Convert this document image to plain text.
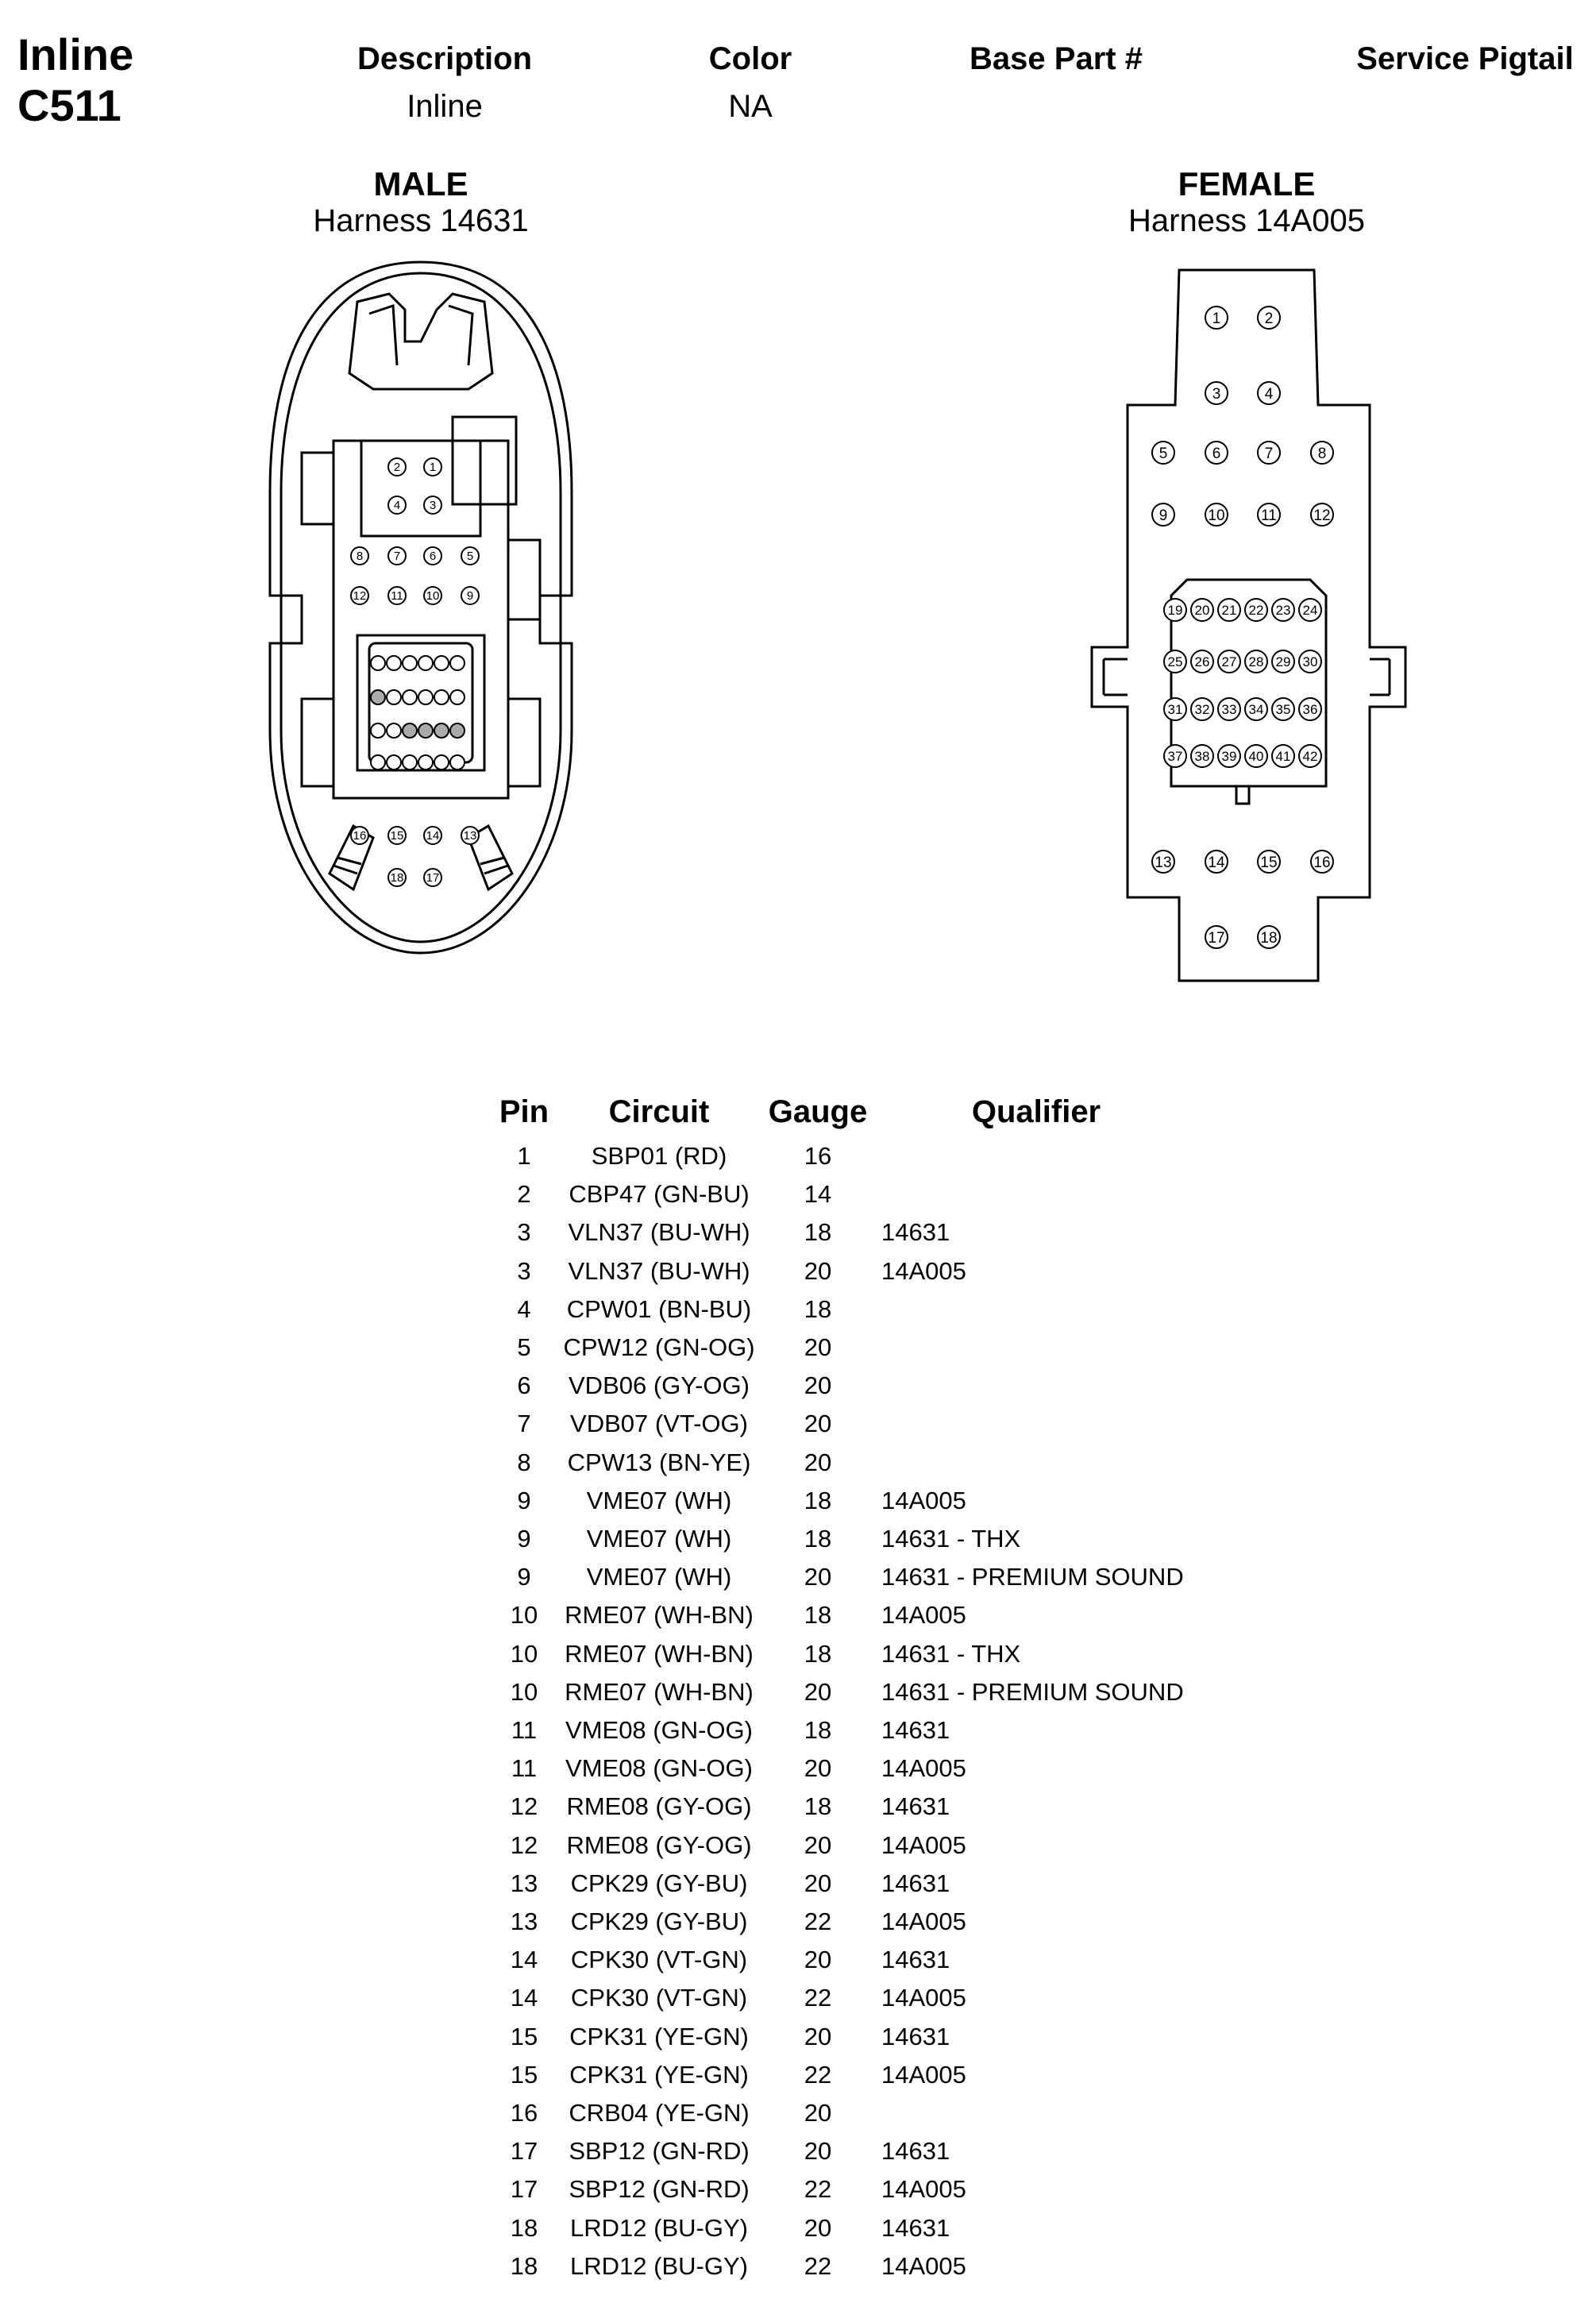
Inline
C511
Description
Inline
Color
NA
Base Part #	Service Pigtail
MALE
Harness 14631
FEMALE
Harness 14A005
2 1
4 3
8	7 6	5
12 11 10 9
16 15 14 13
18 17
1	2
3	4
5	6	7	8
9	10 11 12
19 20 21 22 23 24
25 26 27 28 29 30
31 32 33 34 35 36
37 38 39 40 41 42
13 14 15 16
17 18
Pin	Circuit	Gauge	Qualifier
1	SBP01 (RD)	16
2	CBP47 (GN-BU)	14
3	VLN37 (BU-WH)	18	14631
3	VLN37 (BU-WH)	20	14A005
4	CPW01 (BN-BU)	18
5	CPW12 (GN-OG)	20
6	VDB06 (GY-OG)	20
7	VDB07 (VT-OG)	20
8	CPW13 (BN-YE)	20
9	VME07 (WH)	18	14A005
9	VME07 (WH)	18	14631 - THX
9	VME07 (WH)	20	14631 - PREMIUM SOUND
10	RME07 (WH-BN)	18	14A005
10	RME07 (WH-BN)	18	14631 - THX
10	RME07 (WH-BN)	20	14631 - PREMIUM SOUND
11	VME08 (GN-OG)	18	14631
11	VME08 (GN-OG)	20	14A005
12	RME08 (GY-OG)	18	14631
12	RME08 (GY-OG)	20	14A005
13	CPK29 (GY-BU)	20	14631
13	CPK29 (GY-BU)	22	14A005
14	CPK30 (VT-GN)	20	14631
14	CPK30 (VT-GN)	22	14A005
15	CPK31 (YE-GN)	20	14631
15	CPK31 (YE-GN)	22	14A005
16	CRB04 (YE-GN)	20
17	SBP12 (GN-RD)	20	14631
17	SBP12 (GN-RD)	22	14A005
18	LRD12 (BU-GY)	20	14631
18	LRD12 (BU-GY)	22	14A005
